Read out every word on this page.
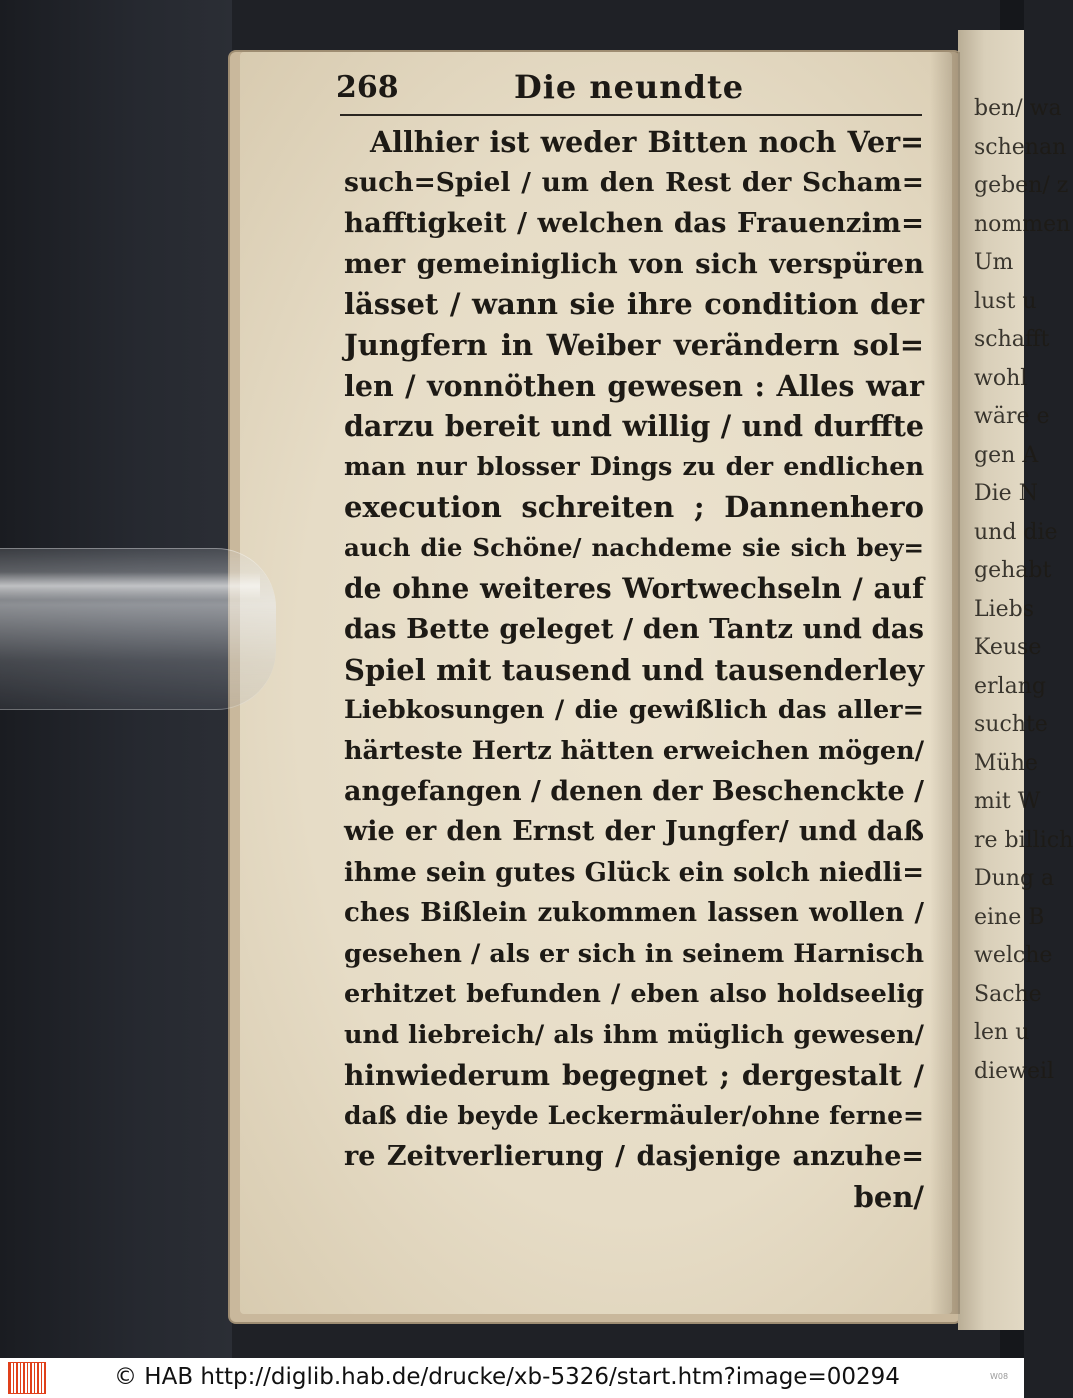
ben/ wa
schenan
geben/ z
nommen
Um
lust u
schafft
wohl
wäre e
gen A
Die N
und die
gehabt
Liebs
Keuse
erlang
suchte
Mühe
mit W
re billich
Dung a
eine B
welche
Sache
len u
dieweil
268	Die neundte
Allhier ist weder Bitten noch Ver=
such=Spiel / um den Rest der Scham=
hafftigkeit / welchen das Frauenzim=
mer gemeiniglich von sich verspüren
lässet / wann sie ihre condition der
Jungfern in Weiber verändern sol=
len / vonnöthen gewesen : Alles war
darzu bereit und willig / und durffte
man nur blosser Dings zu der endlichen
execution schreiten ; Dannenhero
auch die Schöne/ nachdeme sie sich bey=
de ohne weiteres Wortwechseln / auf
das Bette geleget / den Tantz und das
Spiel mit tausend und tausenderley
Liebkosungen / die gewißlich das aller=
härteste Hertz hätten erweichen mögen/
angefangen / denen der Beschenckte /
wie er den Ernst der Jungfer/ und daß
ihme sein gutes Glück ein solch niedli=
ches Bißlein zukommen lassen wollen /
gesehen / als er sich in seinem Harnisch
erhitzet befunden / eben also holdseelig
und liebreich/ als ihm müglich gewesen/
hinwiederum begegnet ; dergestalt /
daß die beyde Leckermäuler/ohne ferne=
re Zeitverlierung / dasjenige anzuhe=
ben/
© HAB http://diglib.hab.de/drucke/xb-5326/start.htm?image=00294	W08
